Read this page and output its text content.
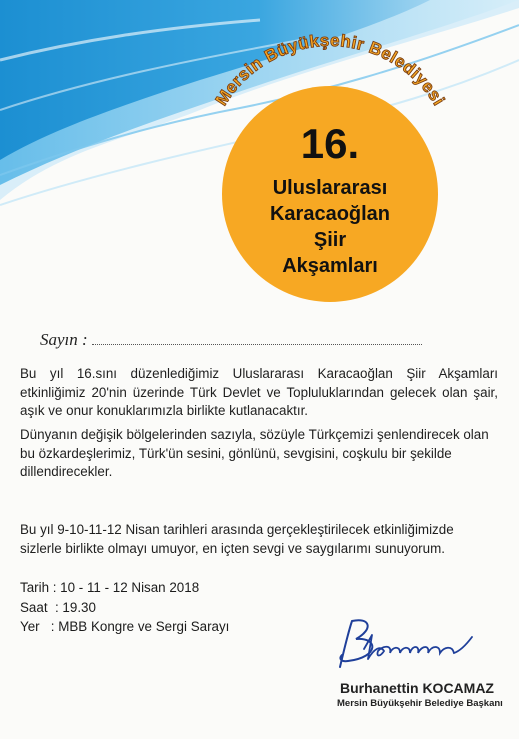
Mersin Büyükşehir Belediyesi
16.
Uluslararası
Karacaoğlan
Şiir
Akşamları
Sayın :
Bu yıl 16.sını düzenlediğimiz Uluslararası Karacaoğlan Şiir Akşamları etkinliğimiz 20'nin üzerinde Türk Devlet ve Topluluklarından gelecek olan şair, aşık ve onur konuklarımızla birlikte kutlanacaktır.
Dünyanın değişik bölgelerinden sazıyla, sözüyle Türkçemizi şenlendirecek olan bu özkardeşlerimiz, Türk'ün sesini, gönlünü, sevgisini, coşkulu bir şekilde dillendirecekler.
Bu yıl 9-10-11-12 Nisan tarihleri arasında gerçekleştirilecek etkinliğimizde sizlerle birlikte olmayı umuyor, en içten sevgi ve saygılarımı sunuyorum.
Tarih : 10 - 11 - 12 Nisan 2018
Saat  : 19.30
Yer   : MBB Kongre ve Sergi Sarayı
Burhanettin KOCAMAZ
Mersin Büyükşehir Belediye Başkanı
